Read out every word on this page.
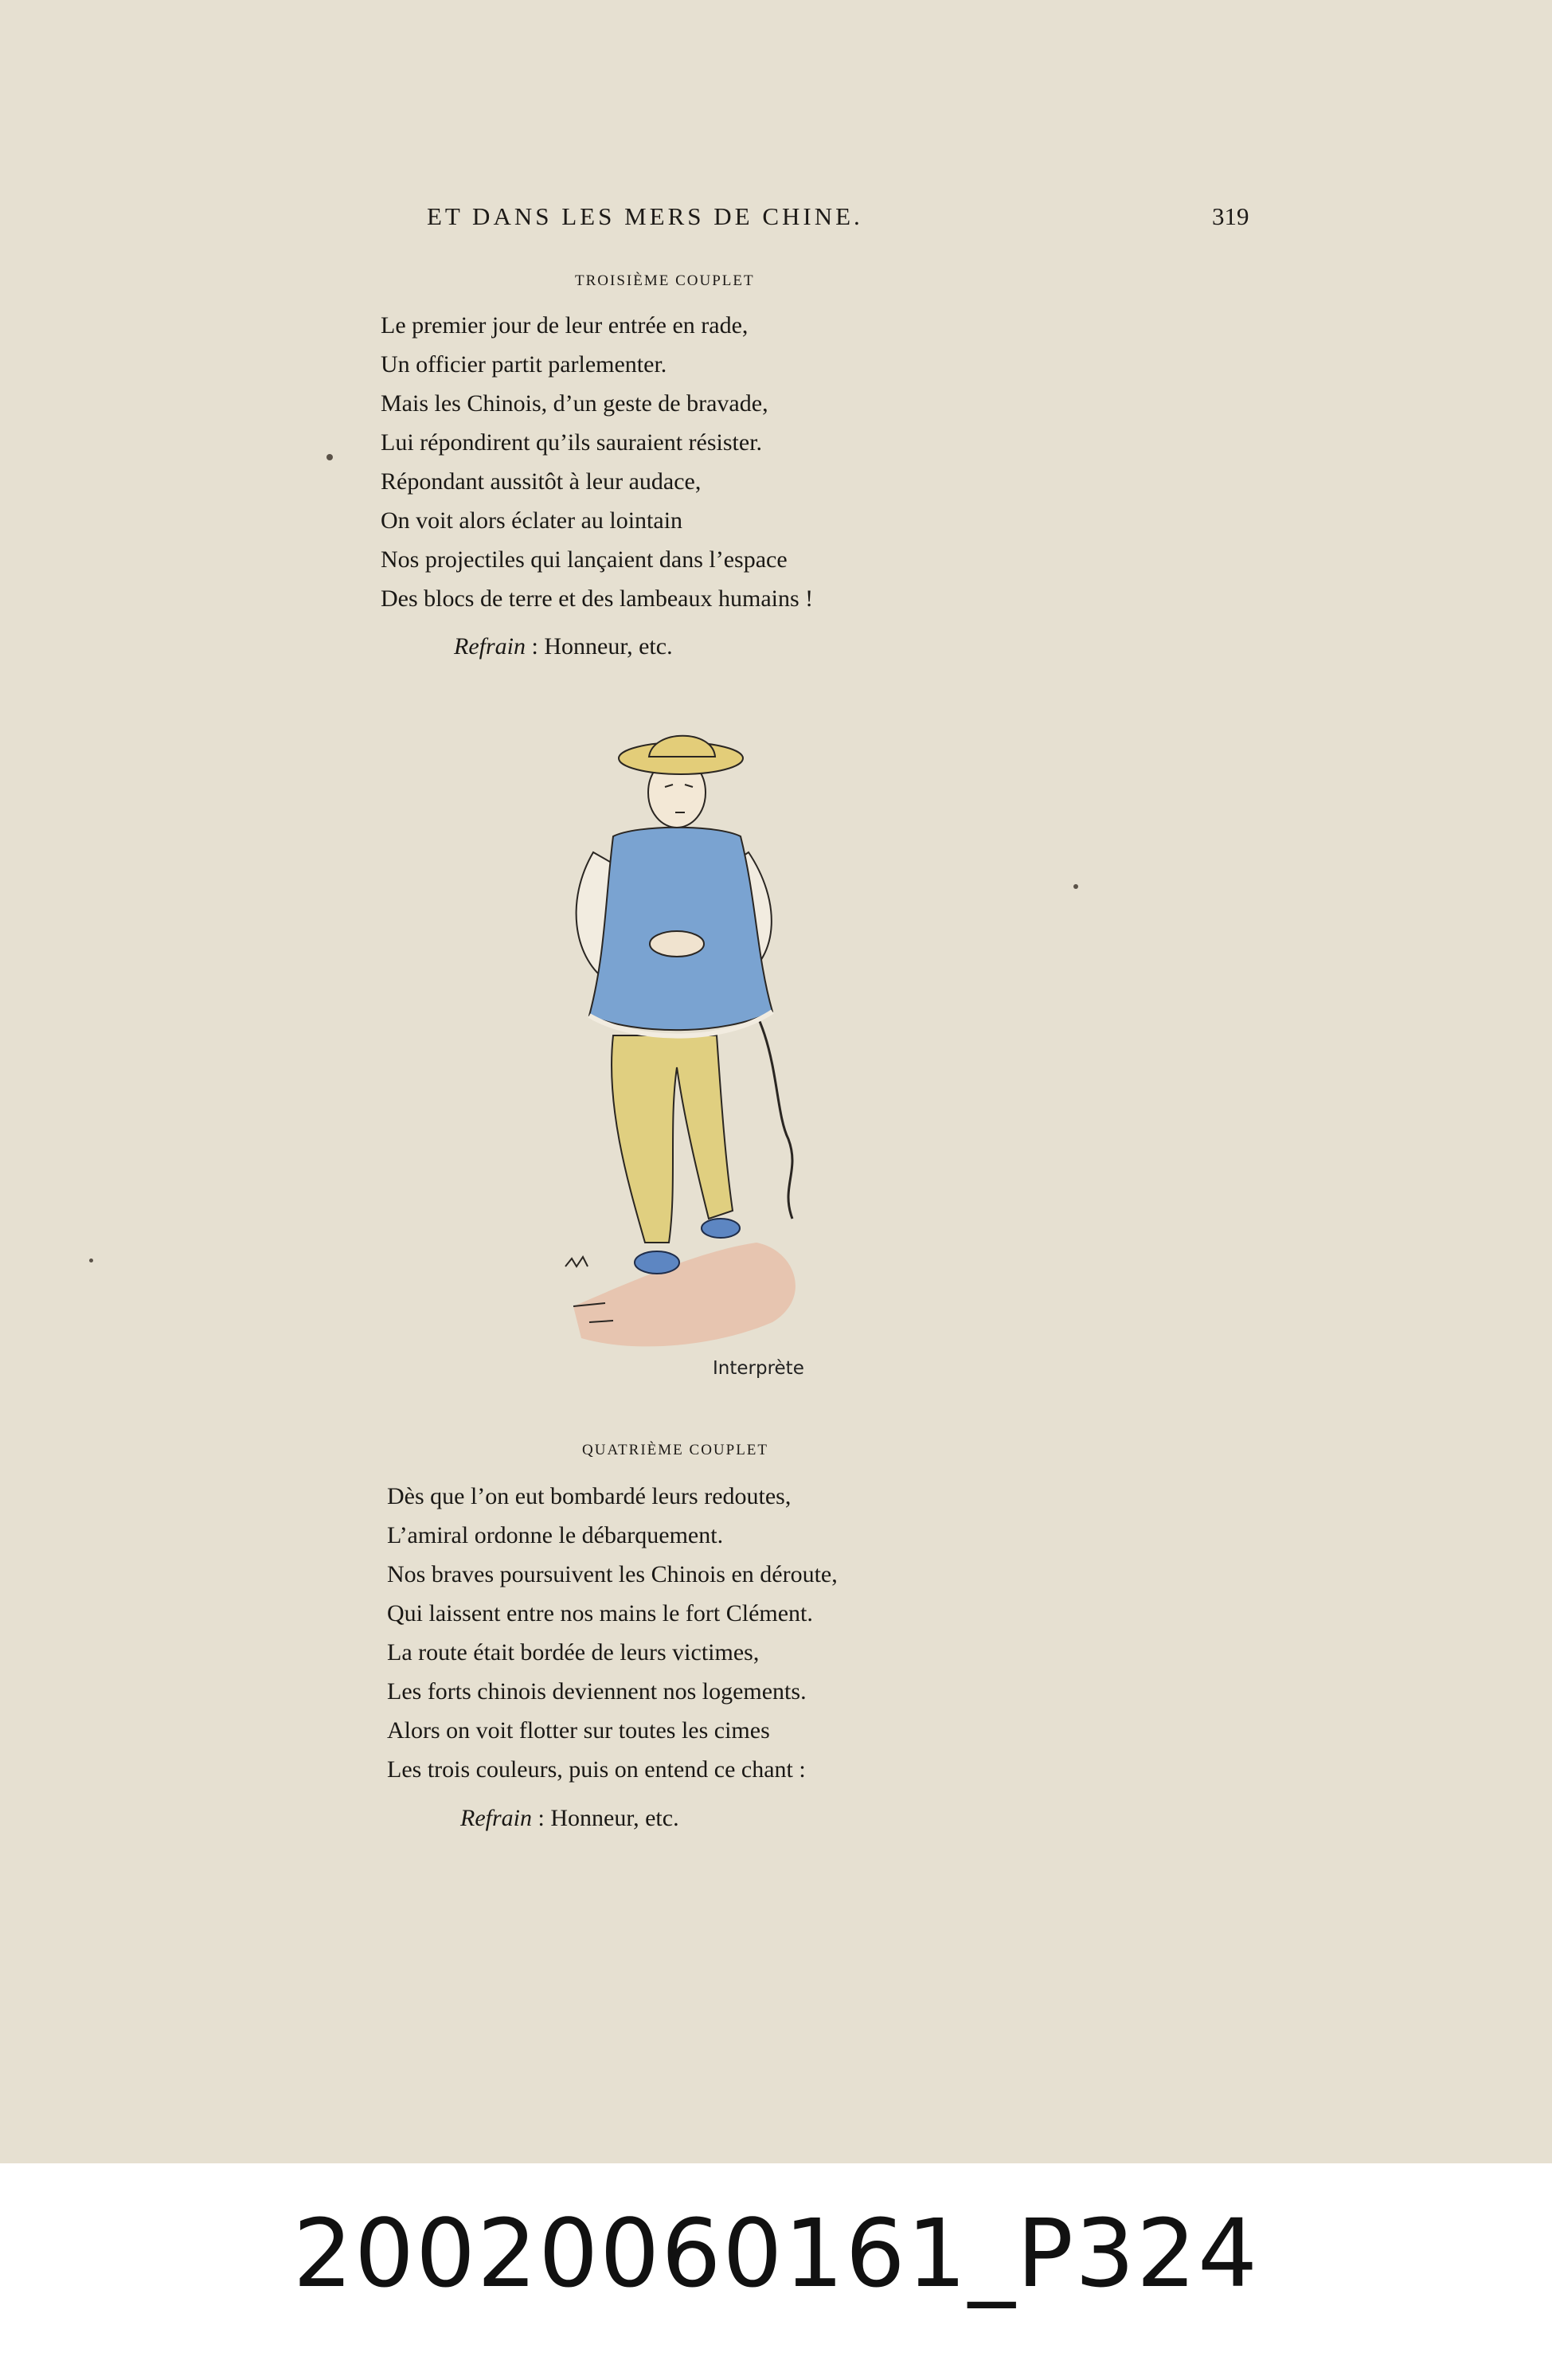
ET DANS LES MERS DE CHINE.	319
TROISIÈME COUPLET
Le premier jour de leur entrée en rade,
Un officier partit parlementer.
Mais les Chinois, d’un geste de bravade,
Lui répondirent qu’ils sauraient résister.
Répondant aussitôt à leur audace,
On voit alors éclater au lointain
Nos projectiles qui lançaient dans l’espace
Des blocs de terre et des lambeaux humains !
Refrain : Honneur, etc.
Interprète
QUATRIÈME COUPLET
Dès que l’on eut bombardé leurs redoutes,
L’amiral ordonne le débarquement.
Nos braves poursuivent les Chinois en déroute,
Qui laissent entre nos mains le fort Clément.
La route était bordée de leurs victimes,
Les forts chinois deviennent nos logements.
Alors on voit flotter sur toutes les cimes
Les trois couleurs, puis on entend ce chant :
Refrain : Honneur, etc.
20020060161_P324
